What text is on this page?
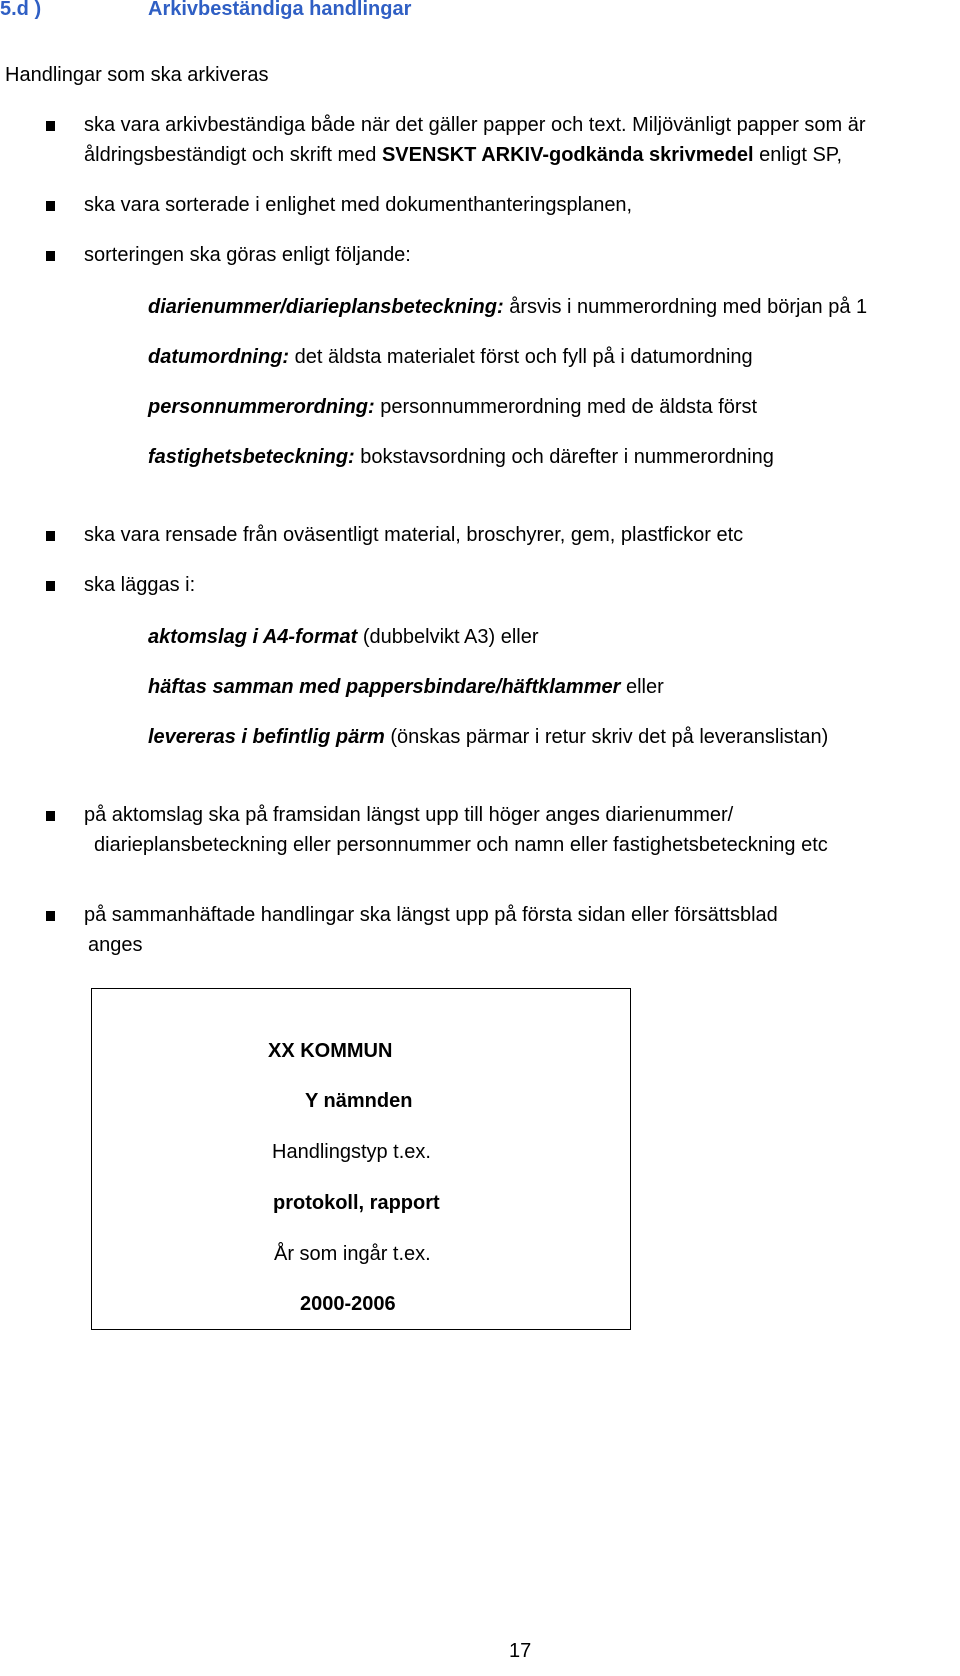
5.d )	Arkivbeständiga handlingar
Handlingar som ska arkiveras
ska vara arkivbeständiga både när det gäller papper och text. Miljövänligt papper som är
åldringsbeständigt och skrift med SVENSKT ARKIV-godkända skrivmedel enligt SP,
ska vara sorterade i enlighet med dokumenthanteringsplanen,
sorteringen ska göras enligt följande:
diarienummer/diarieplansbeteckning: årsvis i nummerordning med början på 1
datumordning: det äldsta materialet först och fyll på i datumordning
personnummerordning: personnummerordning med de äldsta först
fastighetsbeteckning: bokstavsordning och därefter i nummerordning
ska vara rensade från oväsentligt material, broschyrer, gem, plastfickor etc
ska läggas i:
aktomslag i A4-format (dubbelvikt A3) eller
häftas samman med pappersbindare/häftklammer eller
levereras i befintlig pärm (önskas pärmar i retur skriv det på leveranslistan)
på aktomslag ska på framsidan längst upp till höger anges diarienummer/
diarieplansbeteckning eller personnummer och namn eller fastighetsbeteckning etc
på sammanhäftade handlingar ska längst upp på första sidan eller försättsblad
anges
XX KOMMUN
Y nämnden
Handlingstyp t.ex.
protokoll, rapport
År som ingår t.ex.
2000-2006
17
